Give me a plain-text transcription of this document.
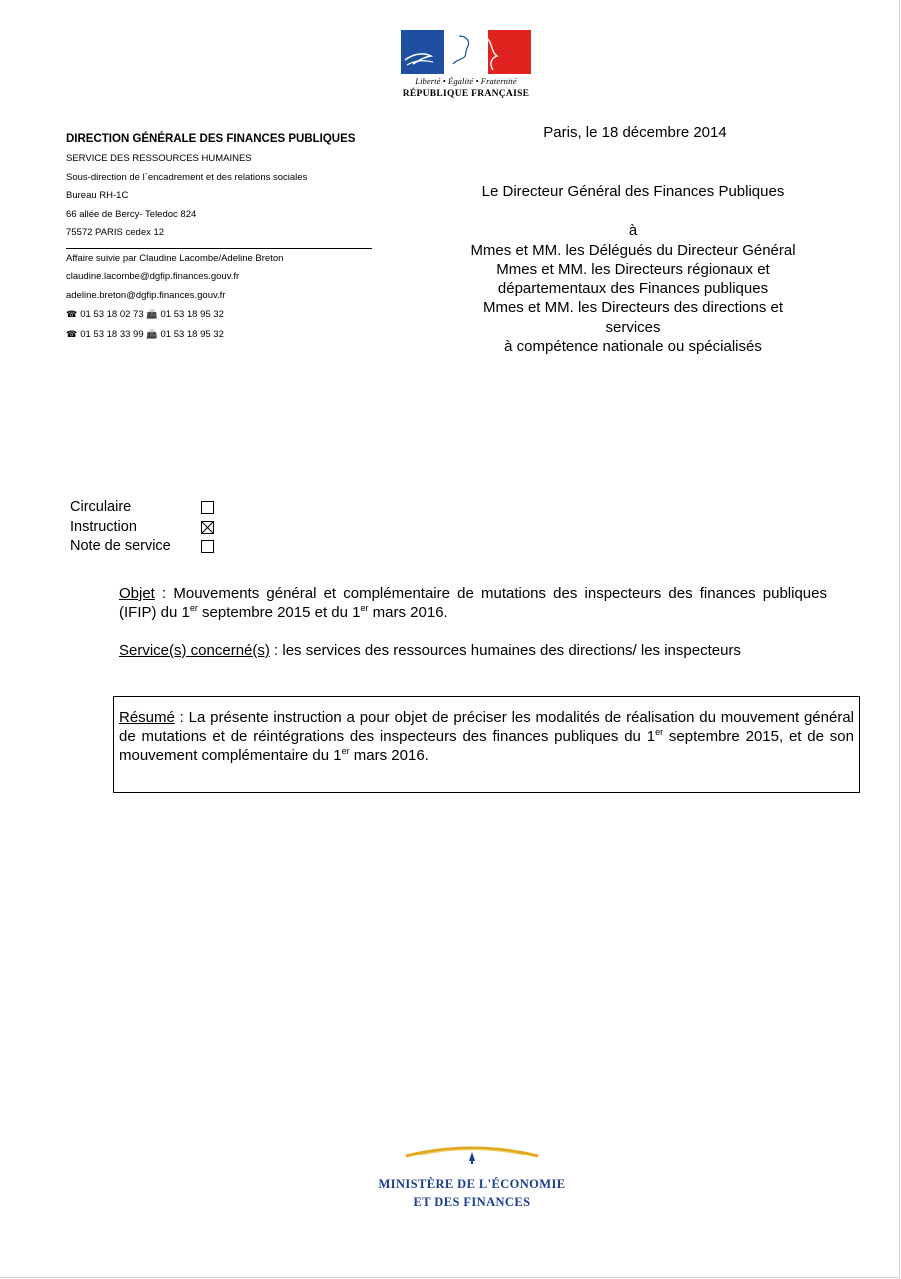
Liberté • Égalité • Fraternité
RÉPUBLIQUE FRANÇAISE
DIRECTION GÉNÉRALE DES FINANCES PUBLIQUES
SERVICE DES RESSOURCES HUMAINES
Sous-direction de l`encadrement et des relations sociales
Bureau RH-1C
66 allée de Bercy- Teledoc 824
75572 PARIS cedex 12
Affaire suivie par Claudine Lacombe/Adeline Breton
claudine.lacombe@dgfip.finances.gouv.fr
adeline.breton@dgfip.finances.gouv.fr
☎ 01 53 18 02 73 📠 01 53 18 95 32
☎ 01 53 18 33 99 📠 01 53 18 95 32
Paris, le 18 décembre 2014
Le Directeur Général des Finances Publiques
à
Mmes et MM. les Délégués du Directeur Général
Mmes et MM. les Directeurs régionaux et
départementaux des Finances publiques
Mmes et MM. les Directeurs des directions et
services
à compétence nationale ou spécialisés
Circulaire
Instruction
Note de service
Objet : Mouvements général et complémentaire de mutations des inspecteurs des finances publiques (IFIP) du 1er septembre 2015 et du 1er mars 2016.
Service(s) concerné(s) : les services des ressources humaines des directions/ les inspecteurs
Résumé : La présente instruction a pour objet de préciser les modalités de réalisation du mouvement général de mutations et de réintégrations des inspecteurs des finances publiques du 1er septembre 2015, et de son mouvement complémentaire du 1er mars 2016.
MINISTÈRE DE L'ÉCONOMIE
ET DES FINANCES
